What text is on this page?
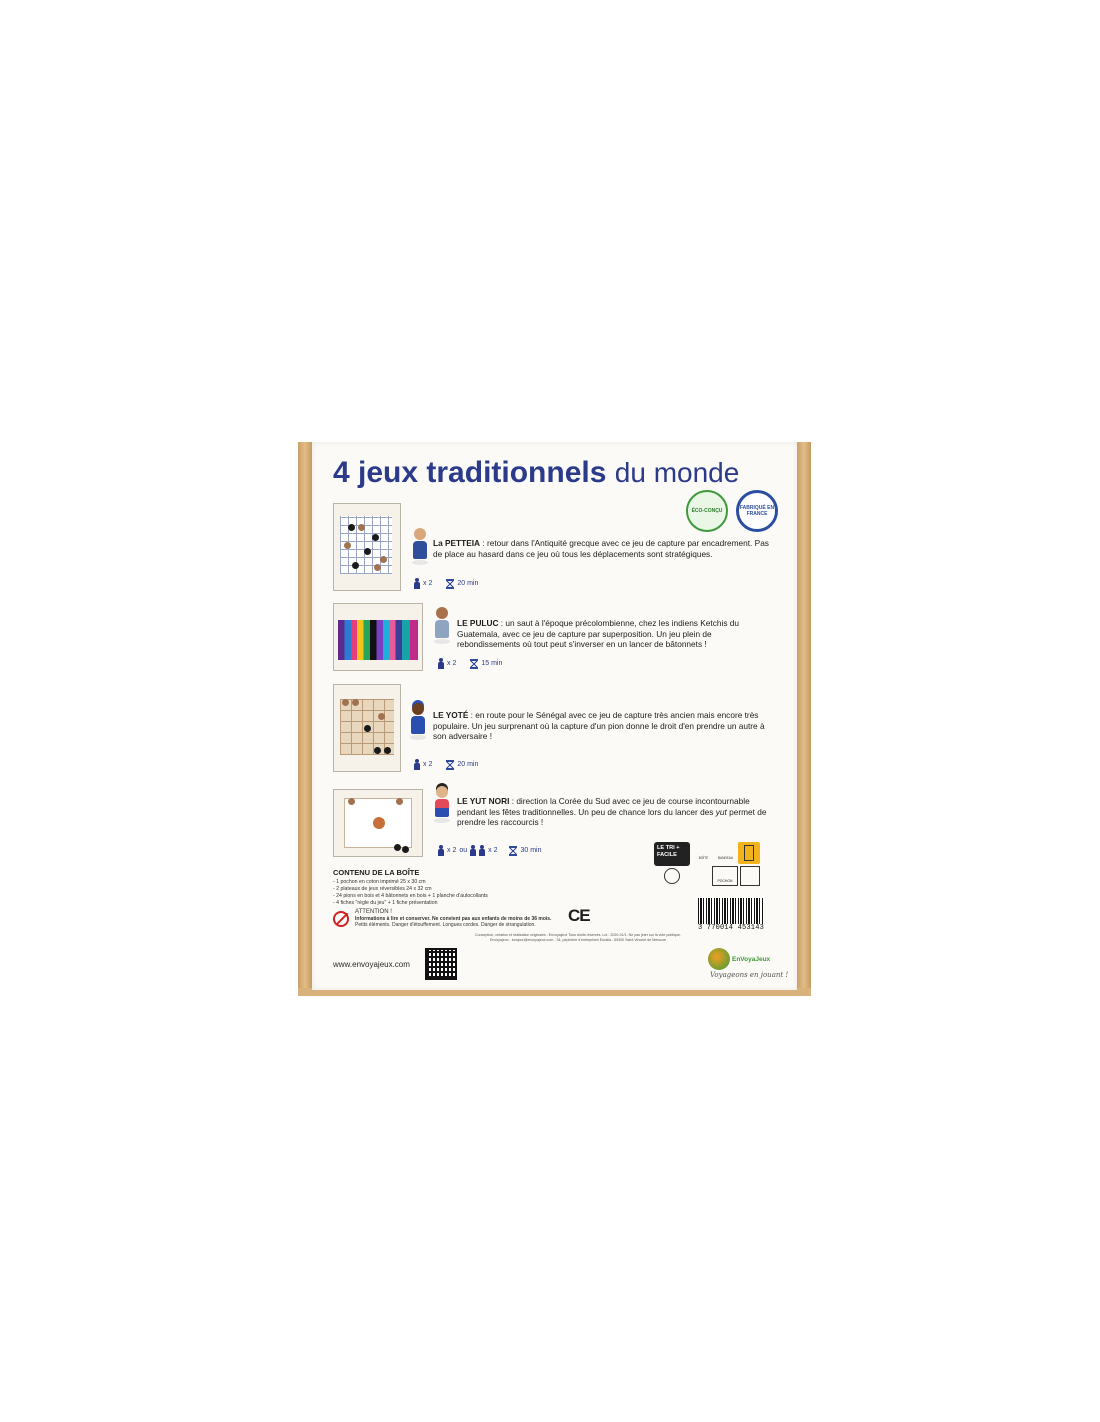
4 jeux traditionnels du monde
ÉCO-CONÇU	FABRIQUÉ EN FRANCE
La PETTEIA : retour dans l'Antiquité grecque avec ce jeu de capture par encadrement. Pas de place au hasard dans ce jeu où tous les déplacements sont stratégiques.
x 2	20 min
LE PULUC : un saut à l'époque précolombienne, chez les indiens Ketchis du Guatemala, avec ce jeu de capture par superposition. Un jeu plein de rebondissements où tout peut s'inverser en un lancer de bâtonnets !
x 2	15 min
LE YOTÉ : en route pour le Sénégal avec ce jeu de capture très ancien mais encore très populaire. Un jeu surprenant où la capture d'un pion donne le droit d'en prendre un autre à son adversaire !
x 2	20 min
LE YUT NORI : direction la Corée du Sud avec ce jeu de course incontournable pendant les fêtes traditionnelles. Un peu de chance lors du lancer des yut permet de prendre les raccourcis !
x 2 ou	x 2	30 min	LE TRI + FACILE	BOÎTE	BANDEAU
POCHON
CONTENU DE LA BOÎTE
- 1 pochon en coton imprimé 25 x 30 cm
- 2 plateaux de jeux réversibles 24 x 32 cm
- 24 pions en bois et 4 bâtonnets en bois + 1 planche d'autocollants
- 4 fiches "règle du jeu" + 1 fiche présentation
ATTENTION !
Informations à lire et conserver. Ne convient pas aux enfants de moins de 36 mois.
Petits éléments. Danger d'étouffement. Longues cordes. Danger de strangulation.	CE
3 770014 453143
Conception, création et réalisation originales : Envoyajeux Tous droits réservés. Lot : 2020-01/1. Ne pas jeter sur la voie publique.
Envoyajeux - bonjour@envoyajeux.com - 34, pépinière d'entreprises Euralia - 59300 Saint Vincent de Mercuze
www.envoyajeux.com
EnVoyaJeux
Voyageons en jouant !
